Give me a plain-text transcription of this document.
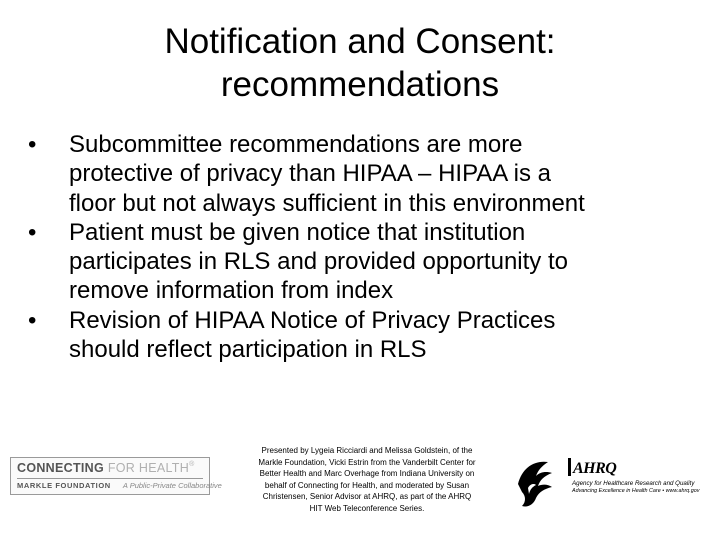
Notification and Consent:
recommendations
• Subcommittee recommendations are more
protective of privacy than HIPAA – HIPAA is a
floor but not always sufficient in this environment
• Patient must be given notice that institution
participates in RLS and provided opportunity to
remove information from index
• Revision of HIPAA Notice of Privacy Practices
should reflect participation in RLS
CONNECTING FOR HEALTH®
MARKLE FOUNDATION A Public-Private Collaborative
Presented by Lygeia Ricciardi and Melissa Goldstein, of the
Markle Foundation, Vicki Estrin from the Vanderbilt Center for
Better Health and Marc Overhage from Indiana University on
behalf of Connecting for Health, and moderated by Susan
Christensen, Senior Advisor at AHRQ, as part of the AHRQ
HIT Web Teleconference Series.
AHRQ
Agency for Healthcare Research and Quality
Advancing Excellence in Health Care • www.ahrq.gov
